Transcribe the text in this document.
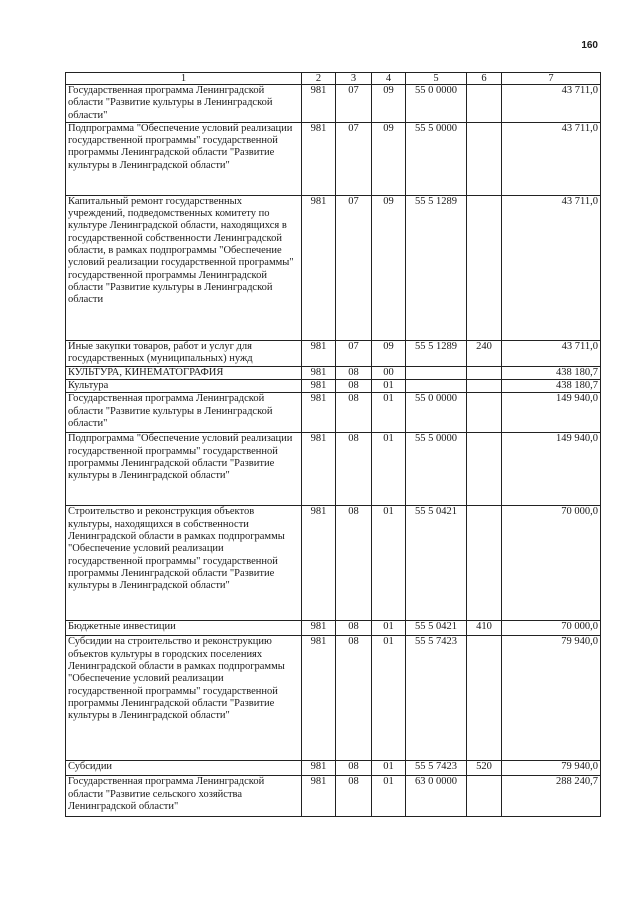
160
1	2	3	4	5	6	7
Государственная программа Ленинградской области "Развитие культуры в Ленинградской области"	981	07	09	55 0 0000		43 711,0
Подпрограмма "Обеспечение условий реализации государственной программы" государственной программы Ленинградской области "Развитие культуры в Ленинградской области"	981	07	09	55 5 0000		43 711,0
Капитальный ремонт государственных учреждений, подведомственных комитету по культуре Ленинградской области, находящихся в государственной собственности Ленинградской области, в рамках подпрограммы "Обеспечение условий реализации государственной программы" государственной программы Ленинградской области "Развитие культуры в Ленинградской области	981	07	09	55 5 1289		43 711,0
Иные закупки товаров, работ и услуг для государственных (муниципальных) нужд	981	07	09	55 5 1289	240	43 711,0
КУЛЬТУРА, КИНЕМАТОГРАФИЯ	981	08	00			438 180,7
Культура	981	08	01			438 180,7
Государственная программа Ленинградской области "Развитие культуры в Ленинградской области"	981	08	01	55 0 0000		149 940,0
Подпрограмма "Обеспечение условий реализации государственной программы" государственной программы Ленинградской области "Развитие культуры в Ленинградской области"	981	08	01	55 5 0000		149 940,0
Строительство и реконструкция объектов культуры, находящихся в собственности Ленинградской области в рамках подпрограммы "Обеспечение условий реализации государственной программы" государственной программы Ленинградской области "Развитие культуры в Ленинградской области"	981	08	01	55 5 0421		70 000,0
Бюджетные инвестиции	981	08	01	55 5 0421	410	70 000,0
Субсидии на строительство и реконструкцию объектов культуры в городских поселениях Ленинградской области в рамках подпрограммы "Обеспечение условий реализации государственной программы" государственной программы Ленинградской области "Развитие культуры в Ленинградской области"	981	08	01	55 5 7423		79 940,0
Субсидии	981	08	01	55 5 7423	520	79 940,0
Государственная программа Ленинградской области "Развитие сельского хозяйства Ленинградской области"	981	08	01	63 0 0000		288 240,7
